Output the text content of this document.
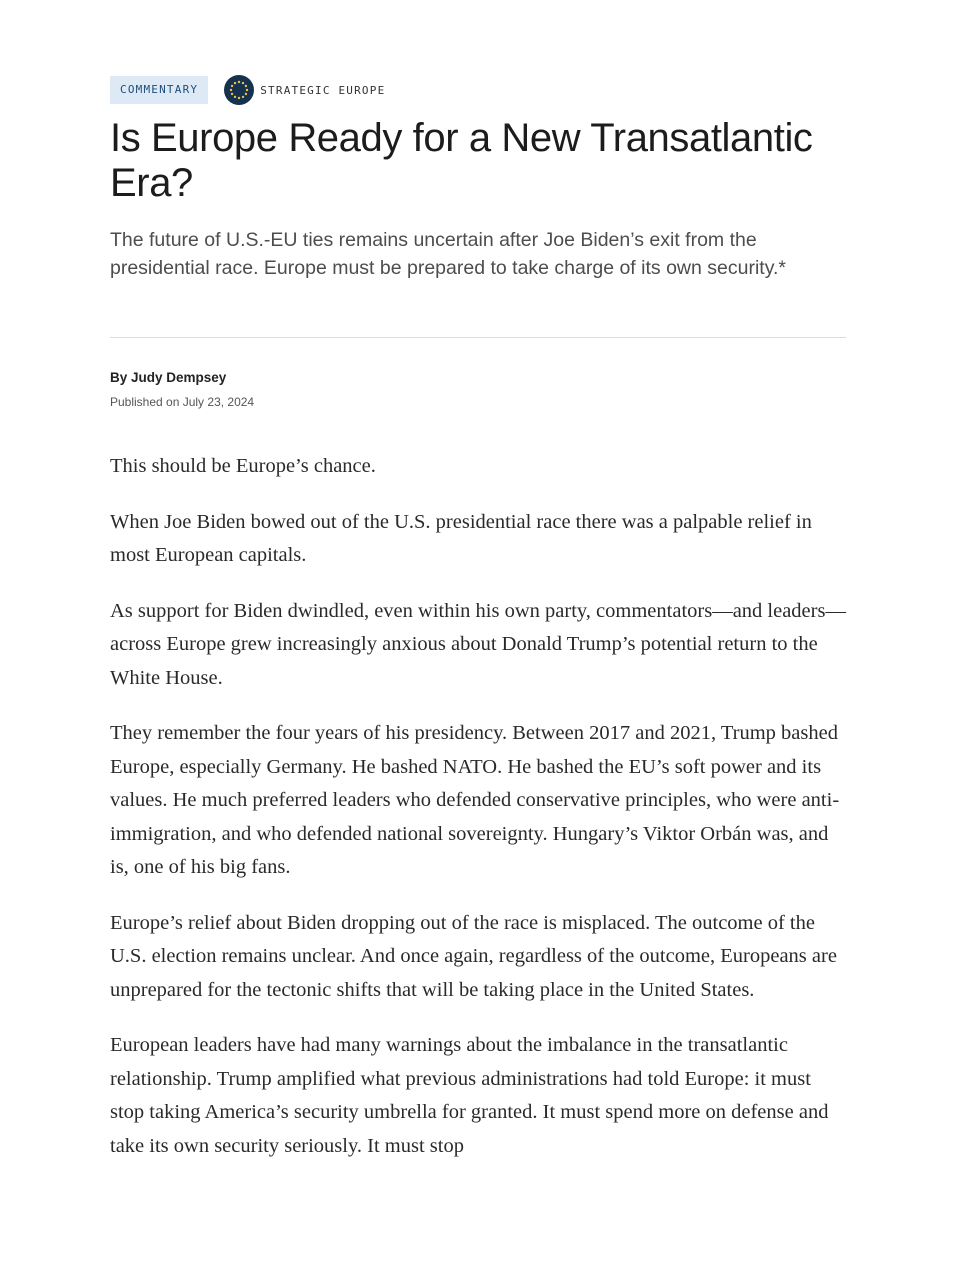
COMMENTARY	STRATEGIC EUROPE
Is Europe Ready for a New Transatlantic Era?

The future of U.S.-EU ties remains uncertain after Joe Biden’s exit from the presidential race. Europe must be prepared to take charge of its own security.*

By Judy Dempsey
Published on July 23, 2024

This should be Europe’s chance.

When Joe Biden bowed out of the U.S. presidential race there was a palpable relief in most European capitals.

As support for Biden dwindled, even within his own party, commentators—and leaders—across Europe grew increasingly anxious about Donald Trump’s potential return to the White House.

They remember the four years of his presidency. Between 2017 and 2021, Trump bashed Europe, especially Germany. He bashed NATO. He bashed the EU’s soft power and its values. He much preferred leaders who defended conservative principles, who were anti-immigration, and who defended national sovereignty. Hungary’s Viktor Orbán was, and is, one of his big fans.

Europe’s relief about Biden dropping out of the race is misplaced. The outcome of the U.S. election remains unclear. And once again, regardless of the outcome, Europeans are unprepared for the tectonic shifts that will be taking place in the United States.

European leaders have had many warnings about the imbalance in the transatlantic relationship. Trump amplified what previous administrations had told Europe: it must stop taking America’s security umbrella for granted. It must spend more on defense and take its own security seriously. It must stop
